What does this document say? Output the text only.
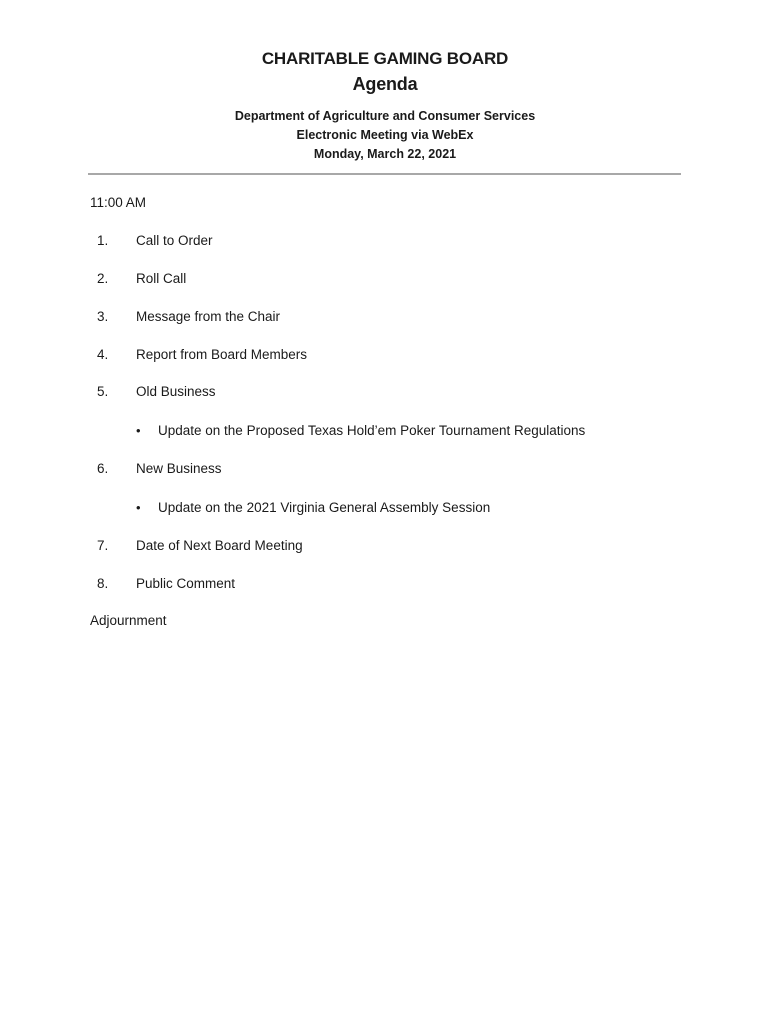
CHARITABLE GAMING BOARD
Agenda
Department of Agriculture and Consumer Services
Electronic Meeting via WebEx
Monday, March 22, 2021
11:00 AM
1. Call to Order
2. Roll Call
3. Message from the Chair
4. Report from Board Members
5. Old Business
• Update on the Proposed Texas Hold’em Poker Tournament Regulations
6. New Business
• Update on the 2021 Virginia General Assembly Session
7. Date of Next Board Meeting
8. Public Comment
Adjournment
